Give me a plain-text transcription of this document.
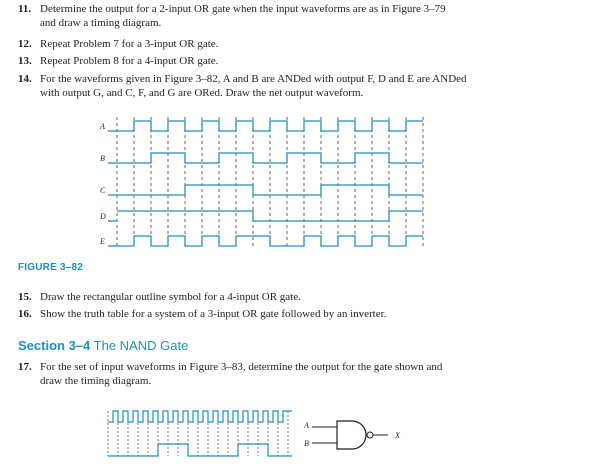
11. Determine the output for a 2-input OR gate when the input waveforms are as in Figure 3–79
and draw a timing diagram.
12. Repeat Problem 7 for a 3-input OR gate.
13. Repeat Problem 8 for a 4-input OR gate.
14. For the waveforms given in Figure 3–82, A and B are ANDed with output F, D and E are ANDed
with output G, and C, F, and G are ORed. Draw the net output waveform.
FIGURE 3–82
15. Draw the rectangular outline symbol for a 4-input OR gate.
16. Show the truth table for a system of a 3-input OR gate followed by an inverter.
Section 3–4 The NAND Gate
17. For the set of input waveforms in Figure 3–83, determine the output for the gate shown and
draw the timing diagram.
A
B
C
D
E
A
B
X
